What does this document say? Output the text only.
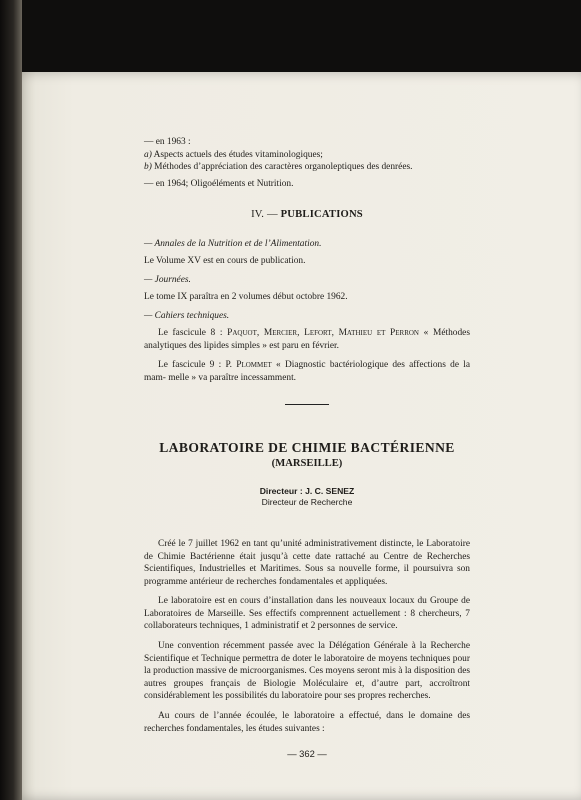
— en 1963 :

a) Aspects actuels des études vitaminologiques;

b) Méthodes d’appréciation des caractères organoleptiques des denrées.

— en 1964; Oligoéléments et Nutrition.

IV. — PUBLICATIONS

— Annales de la Nutrition et de l’Alimentation.

Le Volume XV est en cours de publication.

— Journées.

Le tome IX paraîtra en 2 volumes début octobre 1962.

— Cahiers techniques.

Le fascicule 8 : Paquot, Mercier, Lefort, Mathieu et Perron « Méthodes analytiques des lipides simples » est paru en février.

Le fascicule 9 : P. Plommet « Diagnostic bactériologique des affections de la mam- melle » va paraître incessamment.

LABORATOIRE DE CHIMIE BACTÉRIENNE
(MARSEILLE)
Directeur : J. C. SENEZ
Directeur de Recherche

Créé le 7 juillet 1962 en tant qu’unité administrativement distincte, le Laboratoire de Chimie Bactérienne était jusqu’à cette date rattaché au Centre de Recherches Scientifiques, Industrielles et Maritimes. Sous sa nouvelle forme, il poursuivra son programme antérieur de recherches fondamentales et appliquées.

Le laboratoire est en cours d’installation dans les nouveaux locaux du Groupe de Laboratoires de Marseille. Ses effectifs comprennent actuellement : 8 chercheurs, 7 collaborateurs techniques, 1 administratif et 2 personnes de service.

Une convention récemment passée avec la Délégation Générale à la Recherche Scientifique et Technique permettra de doter le laboratoire de moyens techniques pour la production massive de microorganismes. Ces moyens seront mis à la disposition des autres groupes français de Biologie Moléculaire et, d’autre part, accroîtront considérablement les possibilités du laboratoire pour ses propres recherches.

Au cours de l’année écoulée, le laboratoire a effectué, dans le domaine des recherches fondamentales, les études suivantes :

— 362 —
